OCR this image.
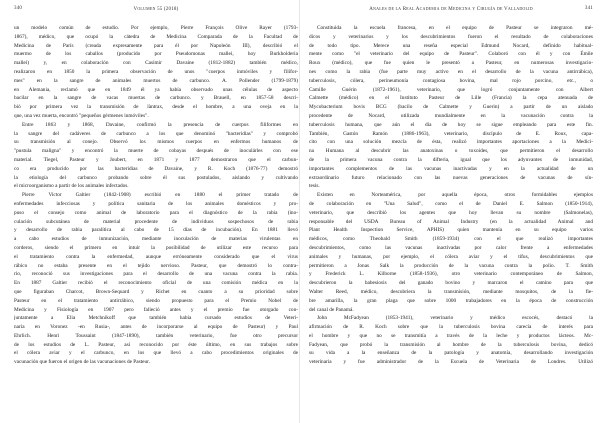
340	Volumen 55 (2018)
un modelo común de estudio. Por ejemplo, Pierre François Olive Rayer (1793-
1867), médico, que ocupó la cátedra de Medicina Comparada de la Facultad de
Medicina de París (creada expresamente para él por Napoleón III), describió el
muermo de los caballos (producido por Pseudomonas mallei, hoy Burkholderia
mallei) y, en colaboración con Casimir Davaine (1812-1882) también médico,
realizaron en 1850 la primera observación de unos "cuerpos inmóviles y filifor-
mes" en la sangre de animales muertos de carbunco. A. Pollender (1799-1879)
en Alemania, reclamó que en 1849 él ya había observado unas células de aspecto
bacilar en la sangre de vacas muertas de carbunco. y Brauell, en 1857-58 descri-
bió por primera vez la transmisión de làntrax, desde el hombre, a una oveja en la
que, una vez muerta, encontró "pequeños gérmenes inmóviles".
Entre 1863 y 1868, Davaine, confirmó la presencia de cuerpos filiformes en
la sangre del cadáveres de carbunco a los que denominó "bacteridias" y comprobó
su transmisión al conejo. Observó los mismos cuerpos en enfermos humanos de
"pustula maligna" y encontró la muerte de cobayas después de inoculárles con ese
material. Tiegel, Pasteur y Joubert, en 1871 y 1877 demostraron que el carbun-
co era producido por las bacteridias de Davaine, y R. Koch (1876-77) demostró
la etiología del carbunco probando sobre él sus postulados, aislando y cultivando
el microorganismo a partir de los animales infectados.
Pierre Victor Galtier (1842-1908) escribió en 1880 el primer tratado de
enfermedades infecciosas y política sanitaria de los animales domésticos y pro-
puso el consejo como animal de laboratorio para el diagnóstico de la rabia (ino-
culación subcutánea de material procedente de individuos sospechosos de rabia
y desarrollo de rabia paralítica al cabo de 15 días de incubación). En 1881 llevó
a cabo estudios de inmunización, mediante inoculación de materias virulentas en
corderos, siendo el primero en intuir la posibilidad de utilizar este recurso para
el tratamiento contra la enfermedad, aunque erróneamente considerado que el virus
rábico no estaba presente en el tejido nervioso. Pasteur, que demostró lo contra-
rio, reconoció sus investigaciones para el desarrollo de una vacuna contra la rabia.
En 1887 Galtier recibió el reconocimiento oficial de una comisión médica en la
que figuraban Charcot, Brown-Sequard y Richet en cuanto a su prioridad sobre
Pasteur en el tratamiento antirrábico, siendo propuesto para el Premio Nobel de
Medicina y Fisiología en 1907 pero falleció antes y el premio fue otorgado con-
juntamente a Elia Metchnikoff que también había cursado estudios de Veteri-
naria en Voronez -en Rusia-, antes de incorporarse al equipo de Pasteur) y Paul
Ehrlich. Henri Toussaint (1847-1890), también veterinario, fue otro precursor
de los estudios de L. Pasteur, así reconocido por éste último, en sus trabajos sobre
el cólera aviar y el carbunco, en los que llevó a cabo procedimientos originales de
vacunación que fueron el origen de las vacunaciones de Pasteur.
Anales de la Real Academia de Medicina y Cirugía de Valladolid	341
Constituida la escuela francesa, en el equipo de Pasteur se integraron mé-
dicos y veterinarios y los descubrimientos fueron el resultado de colaboraciones
de todo tipo. Merece una reseña especial Edmund Nocard, definido habitual-
mente como "el veterinario del equipo de Pasteur". Colaboró con él y con Émile
Roux (médico), que fue quien le presentó a Pasteur, en numerosas investigacio-
nes como la rabia (fue parte muy activo en el desarrollo de la vacuna antirrábica),
tuberculosis, cólera, perineumonía contagiosa bovina, mal rojo porcino, etc., o
Camille Guérin (1872-1961), veterinario, que logró conjuntamente con Albert
Calmette (médico) en el Instituto Pasteur de Lille (Francia) la cepa atenuada de
Mycobacterium bovis BCG (bacilo de Calmette y Guerin) a partir de un aislado
procedente de Nocard, utilizada mundialmente en la vacunación contra la
tuberculosis humana, que aún el día de hoy se sigue empleando para este fin.
También, Gastón Ramón (1886-1963), veterinario, discípulo de E. Roux, capa-
cito con una solución mezcla de ésta, realizó importantes aportaciones a la Medici-
na Humana al descubrir las anatoxinas o toxoides, que permitieron el desarrollo
de la primera vacuna contra la difteria, igual que los adyuvantes de inmunidad,
importantes complementos de las vacunas inactivadas y en la actualidad de un
extraordinario futuro relacionado con las nuevas generaciones de vacunas de sín-
tesis.
Existen en Norteamérica, por aquella época, otros formidables ejemplos
de colaboración en "Una Salud", como el de Daniel E. Salmon (1850-1914),
veterinario, que describió los agentes que hoy llevan su nombre (Salmonelas),
responsable del USDA Bureau of Animal Industry (en la actualidad Animal and
Plant Health Inspection Service, APHIS) quien mantenía en su equipo varios
médicos, como Theobald Smith (1859-1934) con el que realizó importantes
descubrimientos, como las vacunas inactivadas por calor frente a enfermedades
animales y humanas, por ejemplo, el cólera aviar y el tifus, descubrimientos que
permitieron a Jonas Salk la producción de la vacuna contra la polio. T. Smith
y Frederick L. Kilborne (1858-1936), otro veterinario contemporáneo de Salmon,
descubrieron la babesiosis del ganado bovino y marcaron el camino para que
Walter Reed, médico, descubriera la transmisión, mediante mosquitos, de la fie-
bre amarilla, la gran plaga que sobre 1000 trabajadores en la época de construcción
del canal de Panamá.
John McFadyean (1853-1941), veterinario y médico escocés, destacó la
afirmación de R. Koch sobre que la tuberculosis bovina carecía de interés para
el hombre y que no se transmitía a través de la leche y productos lácteos. Mc-
Fadyean, que probó la transmisión al hombre de la tuberculosis bovina, dedicó
su vida a la enseñanza de la patología y anatomía, desarrollando investigación
veterinaria y fue administrador de la Escuela de Veterinaria de Londres. Utilizó
